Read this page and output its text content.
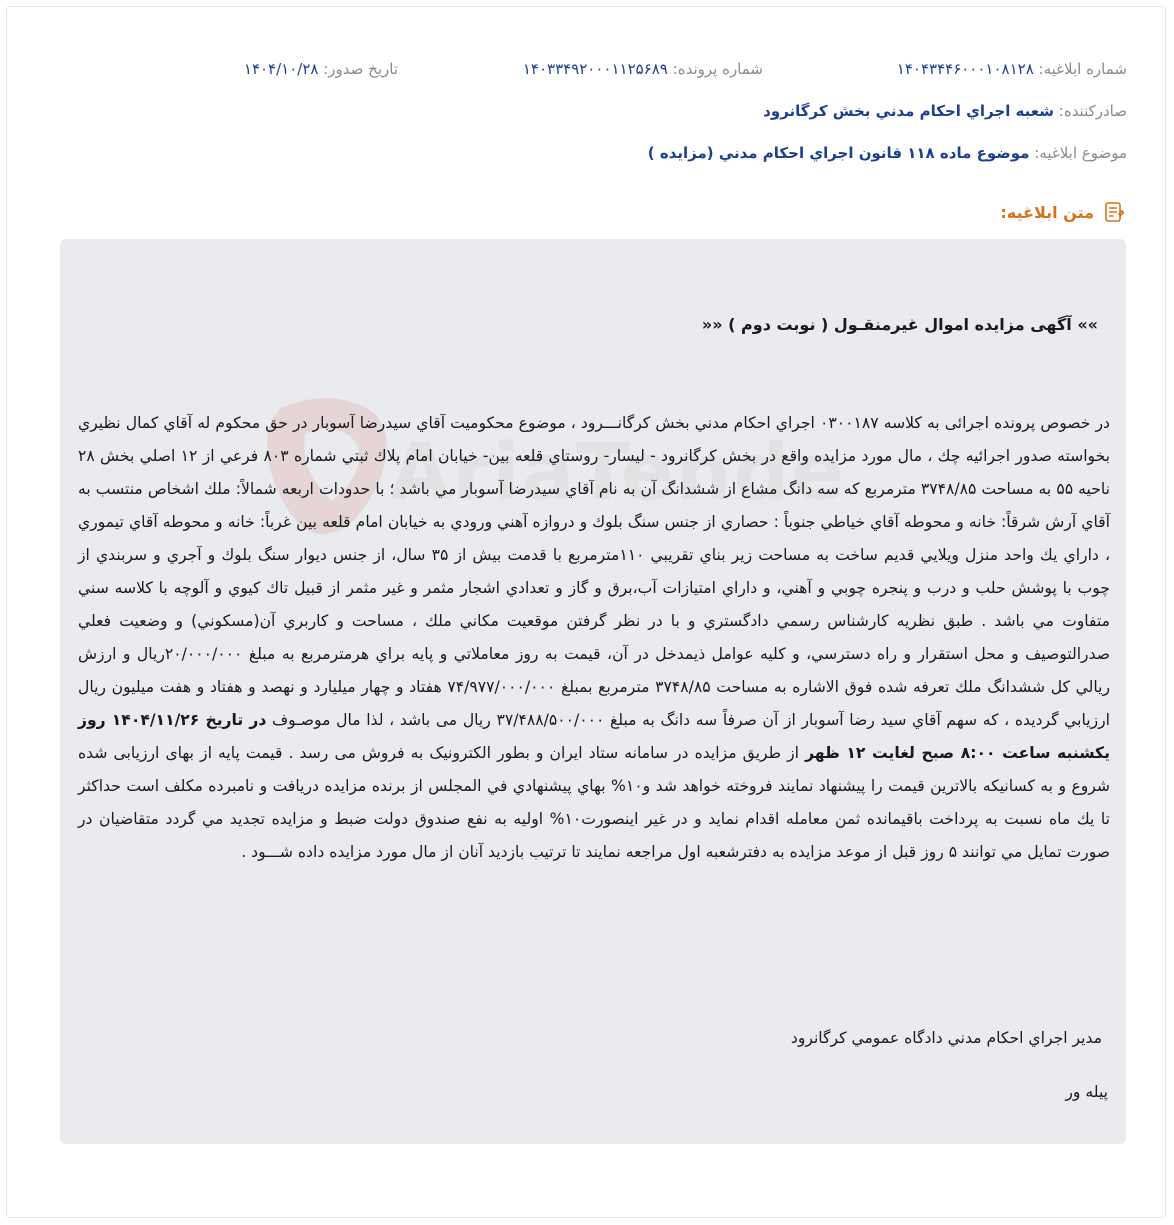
شماره ابلاغیه: ۱۴۰۴۳۴۴۶۰۰۰۱۰۸۱۲۸
شماره پرونده: ۱۴۰۳۳۴۹۲۰۰۰۱۱۲۵۶۸۹
تاریخ صدور: ۱۴۰۴/۱۰/۲۸
صادرکننده: شعبه اجراي احكام مدني بخش كرگانرود
موضوع ابلاغیه: موضوع ماده ۱۱۸ قانون اجراي احكام مدني (مزايده )
متن ابلاغیه:
AriaTende
»» آگهی مزایده اموال غیرمنقـول ( نوبت دوم ) ««
در خصوص پرونده اجرائی به کلاسه ۰۳۰۰۱۸۷ اجراي احكام مدني بخش كرگانـــرود ، موضوع محكوميت آقاي سيدرضا آسوبار در حق محكوم له آقاي كمال نظيري بخواسته صدور اجرائيه چك ، مال مورد مزايده واقع در بخش كرگانرود - ليسار- روستاي قلعه بين- خيابان امام پلاك ثبتي شماره ۸۰۳ فرعي از ۱۲ اصلي بخش ۲۸ ناحيه ۵۵ به مساحت ۳۷۴۸/۸۵ مترمربع كه سه دانگ مشاع از ششدانگ آن به نام آقاي سيدرضا آسوبار مي باشد ؛ با حدودات اربعه شمالاً: ملك اشخاص منتسب به آقاي آرش شرقاً: خانه و محوطه آقاي خياطي جنوباً : حصاري از جنس سنگ بلوك و دروازه آهني ورودي به خيابان امام قلعه بين غرباً: خانه و محوطه آقاي تيموري ، داراي يك واحد منزل ويلايي قديم ساخت به مساحت زير بناي تقريبي ۱۱۰مترمربع با قدمت بيش از ۳۵ سال، از جنس ديوار سنگ بلوك و آجري و سربندي از چوب با پوشش حلب و درب و پنجره چوبي و آهني، و داراي امتيازات آب،برق و گاز و تعدادي اشجار مثمر و غير مثمر از قبيل تاك كيوي و آلوچه با كلاسه سني متفاوت مي باشد . طبق نظريه كارشناس رسمي دادگستري و با در نظر گرفتن موقعيت مكاني ملك ، مساحت و كاربري آن(مسكوني) و وضعيت فعلي صدرالتوصيف و محل استقرار و راه دسترسي، و كليه عوامل ذيمدخل در آن، قيمت به روز معاملاتي و پايه براي هرمترمربع به مبلغ ۲۰/۰۰۰/۰۰۰ريال و ارزش ريالي كل ششدانگ ملك تعرفه شده فوق الاشاره به مساحت ۳۷۴۸/۸۵ مترمربع بمبلغ ۷۴/۹۷۷/۰۰۰/۰۰۰ هفتاد و چهار ميليارد و نهصد و هفتاد و هفت ميليون ريال ارزيابي گرديده ، كه سهم آقاي سيد رضا آسوبار از آن صرفاً سه دانگ به مبلغ ۳۷/۴۸۸/۵۰۰/۰۰۰ ريال می باشد ، لذا مال موصـوف در تاریخ ۱۴۰۴/۱۱/۲۶ روز یکشنبه ساعت ۸:۰۰ صبح لغایت ۱۲ ظهر از طريق مزايده در سامانه ستاد ايران و بطور الكترونيک به فروش می رسد . قيمت پايه از بهای ارزيابی شده شروع و به كسانيكه بالاترين قيمت را پيشنهاد نمايند فروخته خواهد شد و۱۰% بهاي پيشنهادي في المجلس از برنده مزايده دريافت و نامبرده مكلف است حداكثر تا يك ماه نسبت به پرداخت باقيمانده ثمن معامله اقدام نمايد و در غير اينصورت۱۰% اوليه به نفع صندوق دولت ضبط و مزايده تجديد مي گردد متقاضيان در صورت تمايل مي توانند ۵ روز قبل از موعد مزايده به دفترشعبه اول مراجعه نمايند تا ترتيب بازديد آنان از مال مورد مزايده داده شـــود .
مدير اجراي احكام مدني دادگاه عمومي كرگانرود
پيله ور
